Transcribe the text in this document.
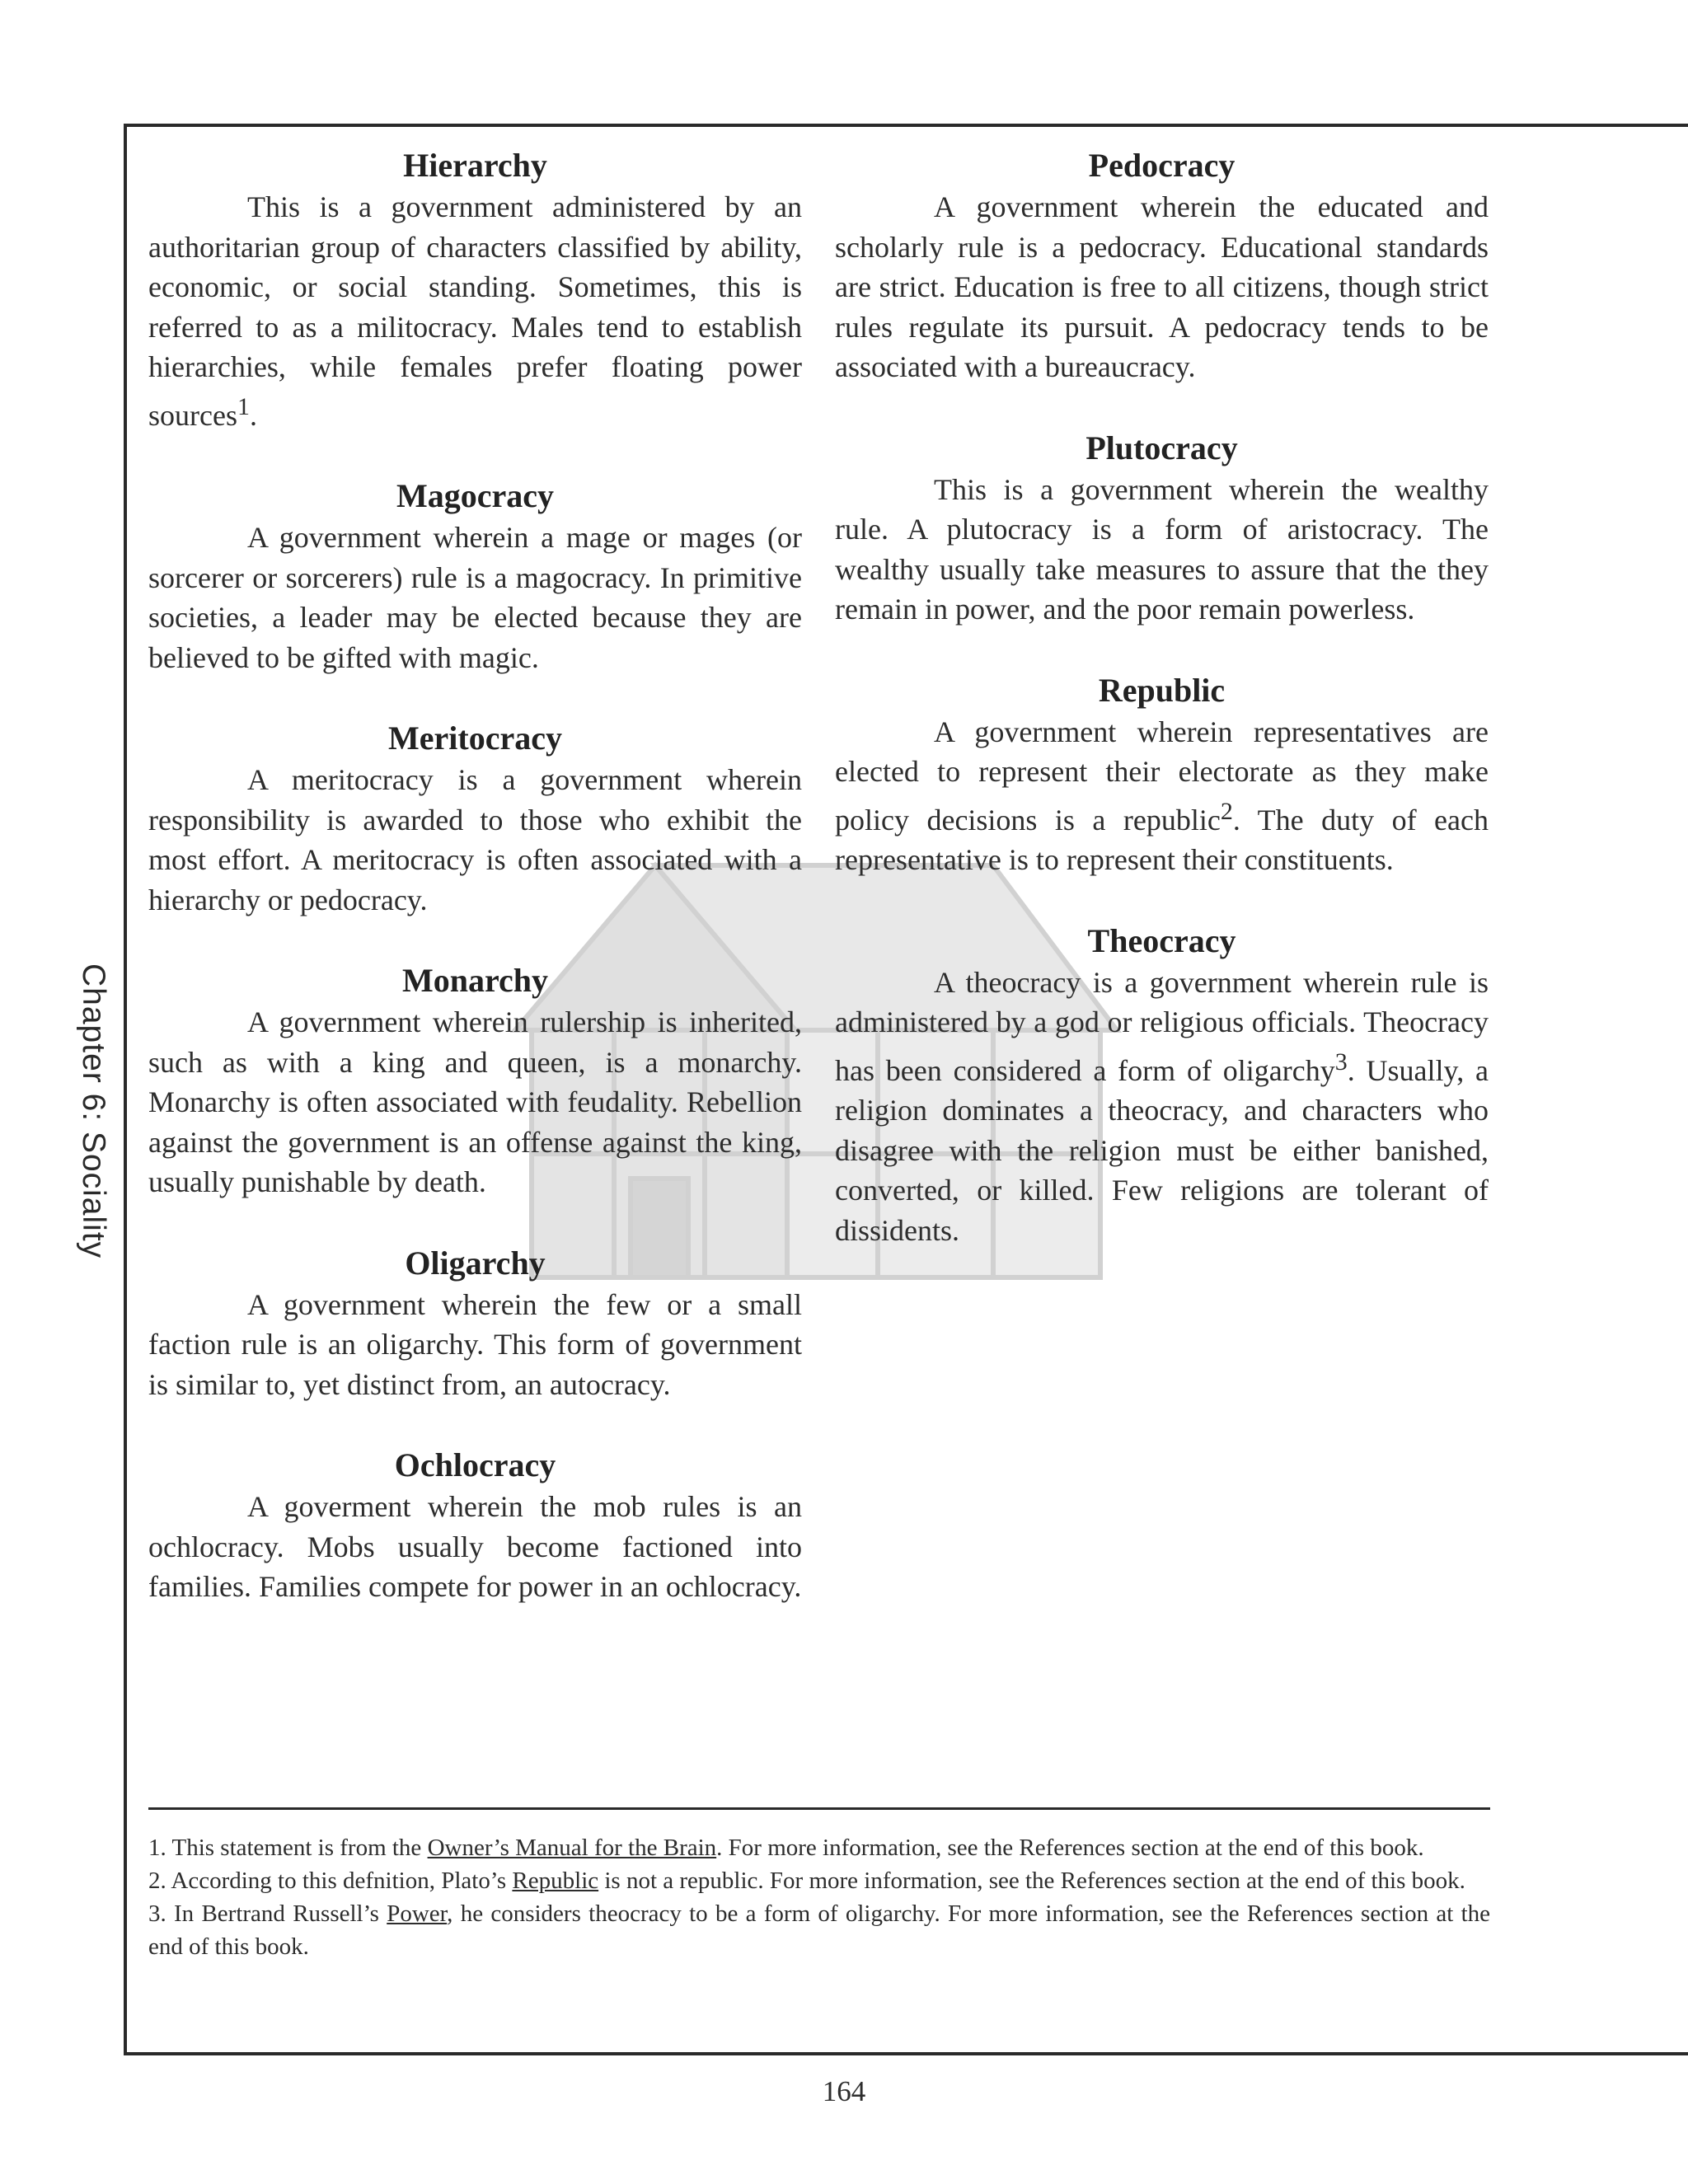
Chapter 6: Sociality
Hierarchy

This is a government administered by an authoritarian group of characters classified by ability, economic, or social standing. Sometimes, this is referred to as a militocracy. Males tend to establish hierarchies, while females prefer floating power sources$^1$.

Magocracy

A government wherein a mage or mages (or sorcerer or sorcerers) rule is a magocracy. In primitive societies, a leader may be elected because they are believed to be gifted with magic.

Meritocracy

A meritocracy is a government wherein responsibility is awarded to those who exhibit the most effort. A meritocracy is often associated with a hierarchy or pedocracy.

Monarchy

A government wherein rulership is inherited, such as with a king and queen, is a monarchy. Monarchy is often associated with feudality. Rebellion against the government is an offense against the king, usually punishable by death.

Oligarchy

A government wherein the few or a small faction rule is an oligarchy. This form of government is similar to, yet distinct from, an autocracy.

Ochlocracy

A goverment wherein the mob rules is an ochlocracy. Mobs usually become factioned into families. Families compete for power in an ochlocracy.

Pedocracy

A government wherein the educated and scholarly rule is a pedocracy. Educational standards are strict. Education is free to all citizens, though strict rules regulate its pursuit. A pedocracy tends to be associated with a bureaucracy.

Plutocracy

This is a government wherein the wealthy rule. A plutocracy is a form of aristocracy. The wealthy usually take measures to assure that the they remain in power, and the poor remain powerless.

Republic

A government wherein representatives are elected to represent their electorate as they make policy decisions is a republic$^2$. The duty of each representative is to represent their constituents.

Theocracy

A theocracy is a government wherein rule is administered by a god or religious officials. Theocracy has been considered a form of oligarchy$^3$. Usually, a religion dominates a theocracy, and characters who disagree with the religion must be either banished, converted, or killed. Few religions are tolerant of dissidents.

1. This statement is from the Owner’s Manual for the Brain. For more information, see the References section at the end of this book.

2. According to this defnition, Plato’s Republic is not a republic. For more information, see the References section at the end of this book.

3. In Bertrand Russell’s Power, he considers theocracy to be a form of oligarchy. For more information, see the References section at the end of this book.

164
